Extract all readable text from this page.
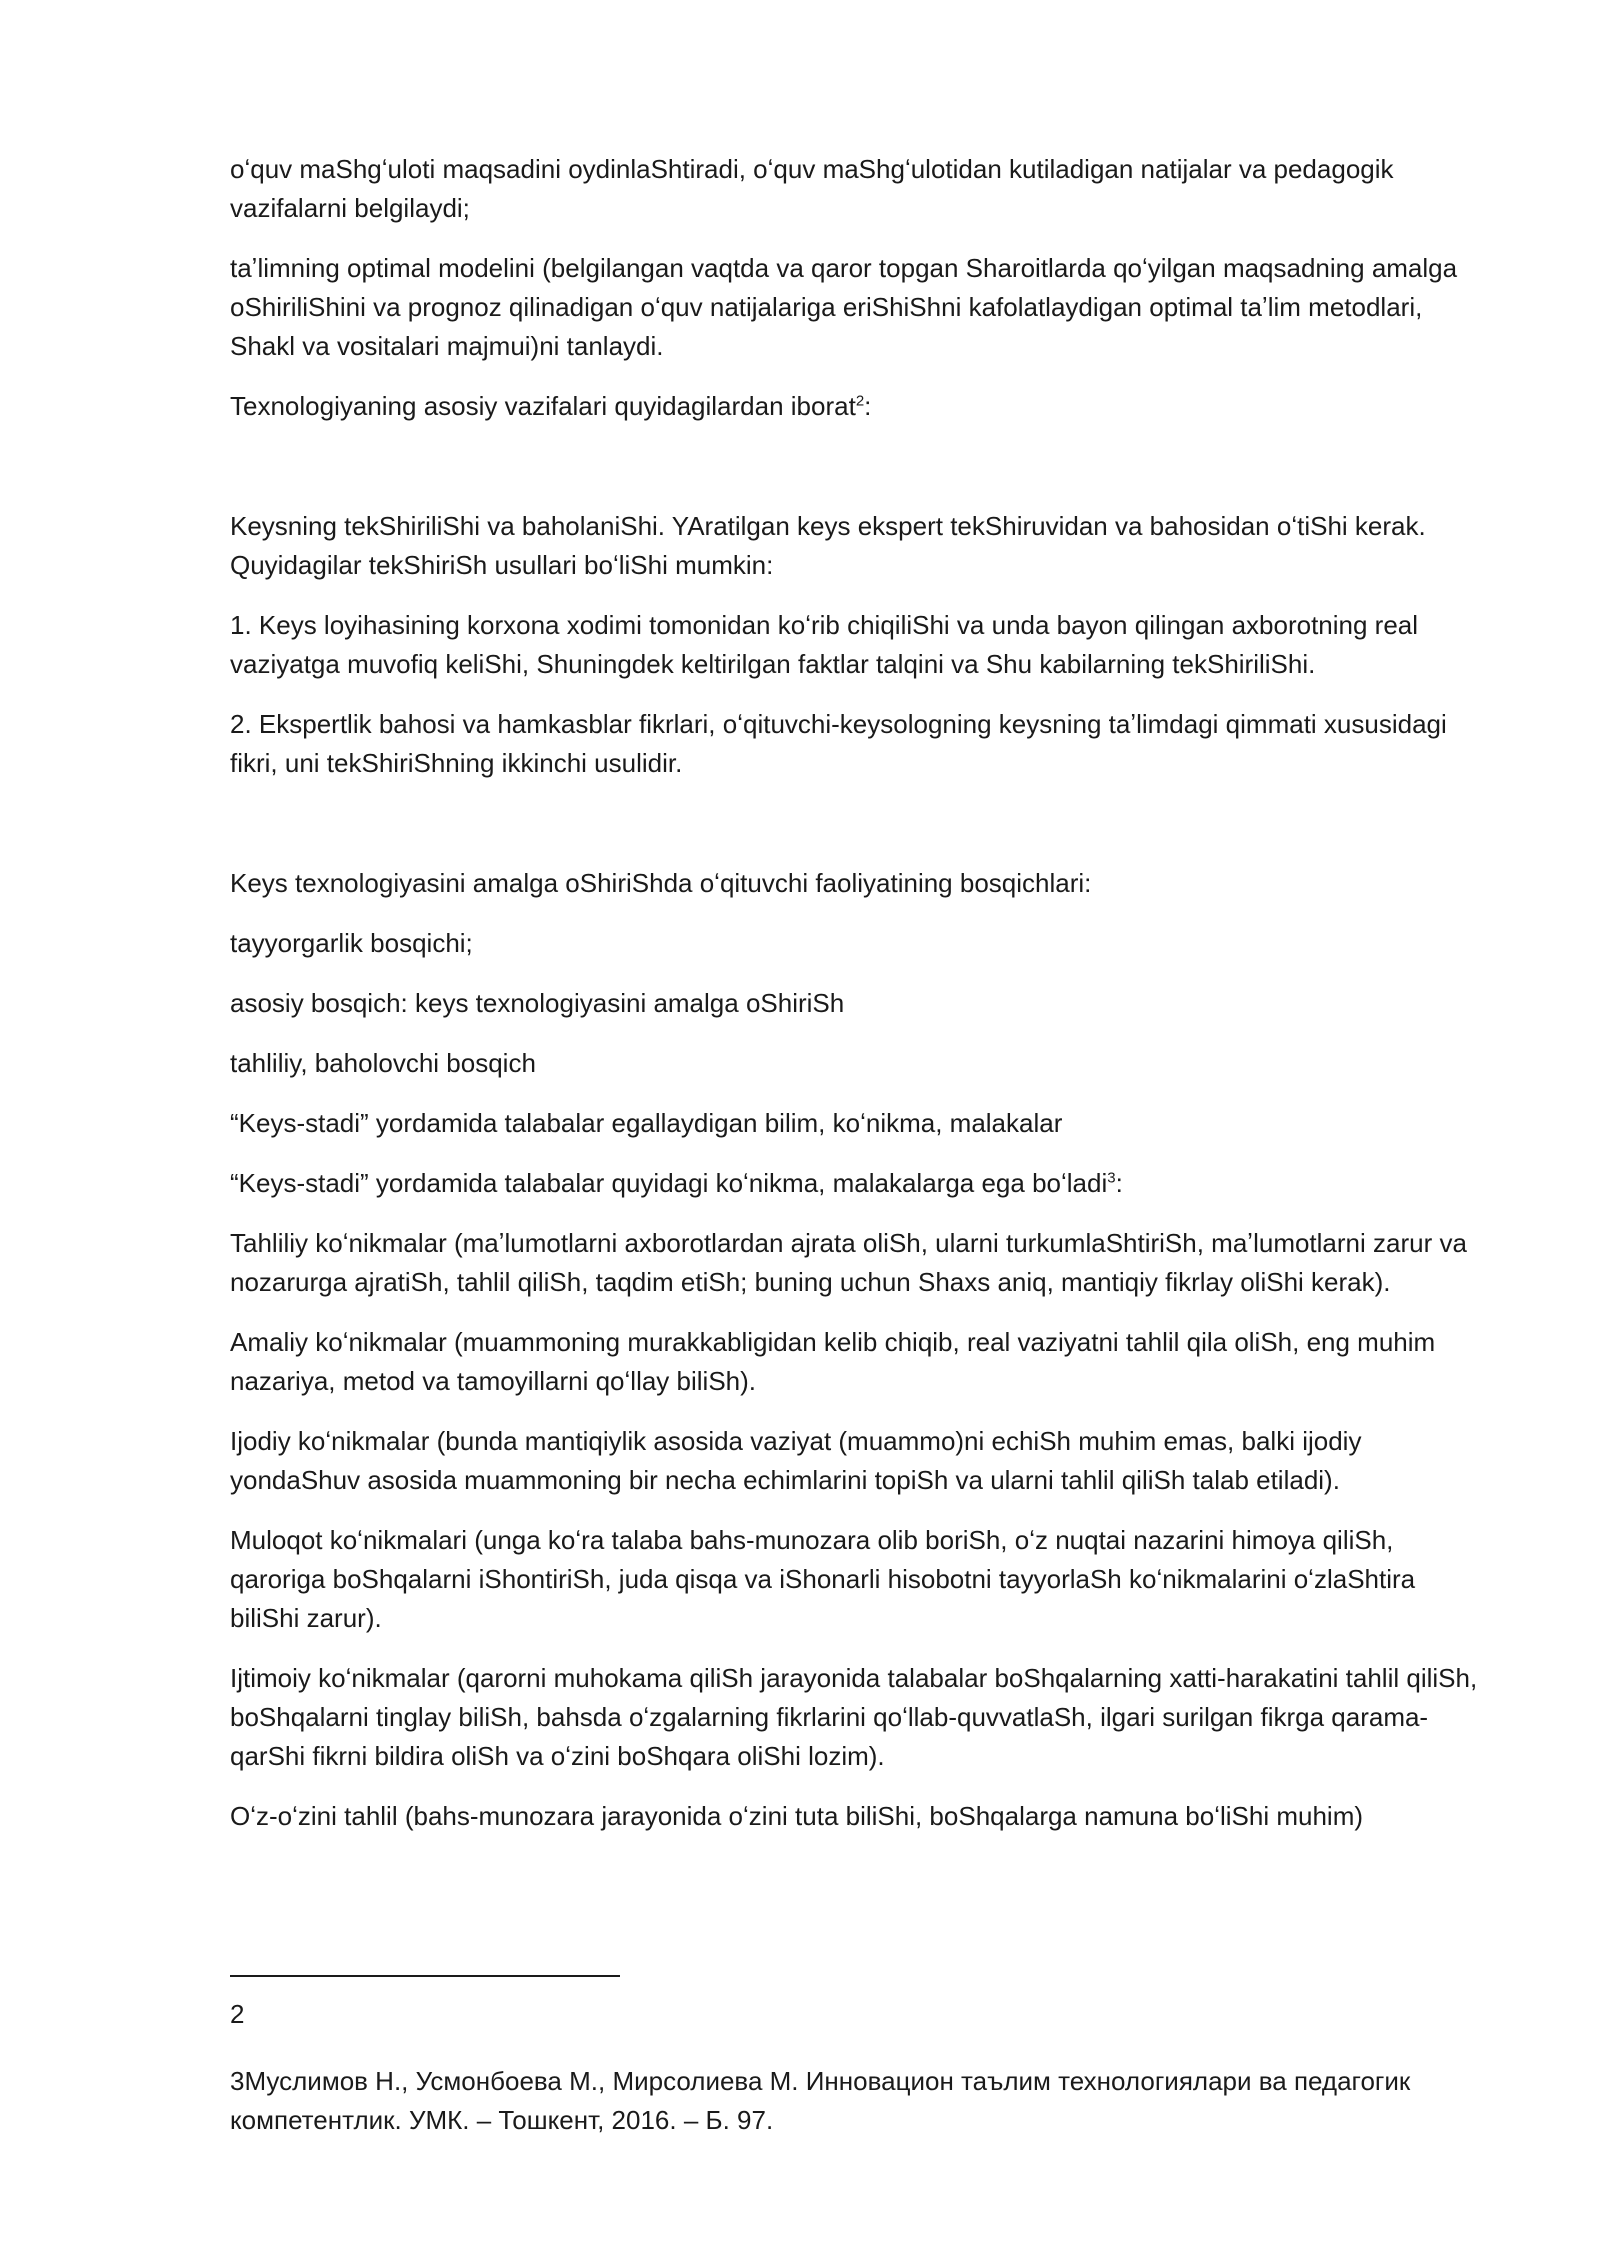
oʻquv maShgʻuloti maqsadini oydinlaShtiradi, oʻquv maShgʻulotidan kutiladigan natijalar va pedagogik vazifalarni belgilaydi;

taʼlimning optimal modelini (belgilangan vaqtda va qaror topgan Sharoitlarda qoʻyilgan maqsadning amalga oShiriliShini va prognoz qilinadigan oʻquv natijalariga eriShiShni kafolatlaydigan optimal taʼlim metodlari, Shakl va vositalari majmui)ni tanlaydi.

Texnologiyaning asosiy vazifalari quyidagilardan iborat$^2$:

Keysning tekShiriliShi va baholaniShi. YAratilgan keys ekspert tekShiruvidan va bahosidan oʻtiShi kerak. Quyidagilar tekShiriSh usullari boʻliShi mumkin:

1. Keys loyihasining korxona xodimi tomonidan koʻrib chiqiliShi va unda bayon qilingan axborotning real vaziyatga muvofiq keliShi, Shuningdek keltirilgan faktlar talqini va Shu kabilarning tekShiriliShi.

2. Ekspertlik bahosi va hamkasblar fikrlari, oʻqituvchi-keysologning keysning taʼlimdagi qimmati xususidagi fikri, uni tekShiriShning ikkinchi usulidir.

Keys texnologiyasini amalga oShiriShda oʻqituvchi faoliyatining bosqichlari:

tayyorgarlik bosqichi;

asosiy bosqich: keys texnologiyasini amalga oShiriSh

tahliliy, baholovchi bosqich

“Keys-stadi” yordamida talabalar egallaydigan bilim, koʻnikma, malakalar

“Keys-stadi” yordamida talabalar quyidagi koʻnikma, malakalarga ega boʻladi$^3$:

Tahliliy koʻnikmalar (maʼlumotlarni axborotlardan ajrata oliSh, ularni turkumlaShtiriSh, maʼlumotlarni zarur va nozarurga ajratiSh, tahlil qiliSh, taqdim etiSh; buning uchun Shaxs aniq, mantiqiy fikrlay oliShi kerak).

Amaliy koʻnikmalar (muammoning murakkabligidan kelib chiqib, real vaziyatni tahlil qila oliSh, eng muhim nazariya, metod va tamoyillarni qoʻllay biliSh).

Ijodiy koʻnikmalar (bunda mantiqiylik asosida vaziyat (muammo)ni echiSh muhim emas, balki ijodiy yondaShuv asosida muammoning bir necha echimlarini topiSh va ularni tahlil qiliSh talab etiladi).

Muloqot koʻnikmalari (unga koʻra talaba bahs-munozara olib boriSh, oʻz nuqtai nazarini himoya qiliSh, qaroriga boShqalarni iShontiriSh, juda qisqa va iShonarli hisobotni tayyorlaSh koʻnikmalarini oʻzlaShtira biliShi zarur).

Ijtimoiy koʻnikmalar (qarorni muhokama qiliSh jarayonida talabalar boShqalarning xatti-harakatini tahlil qiliSh, boShqalarni tinglay biliSh, bahsda oʻzgalarning fikrlarini qoʻllab-quvvatlaSh, ilgari surilgan fikrga qarama-qarShi fikrni bildira oliSh va oʻzini boShqara oliShi lozim).

Oʻz-oʻzini tahlil (bahs-munozara jarayonida oʻzini tuta biliShi, boShqalarga namuna boʻliShi muhim)

2
3Муслимов Н., Усмонбоева М., Мирсолиева М. Инновацион таълим технологиялари ва педагогик компетентлик. УМК. – Тошкент, 2016. – Б. 97.
